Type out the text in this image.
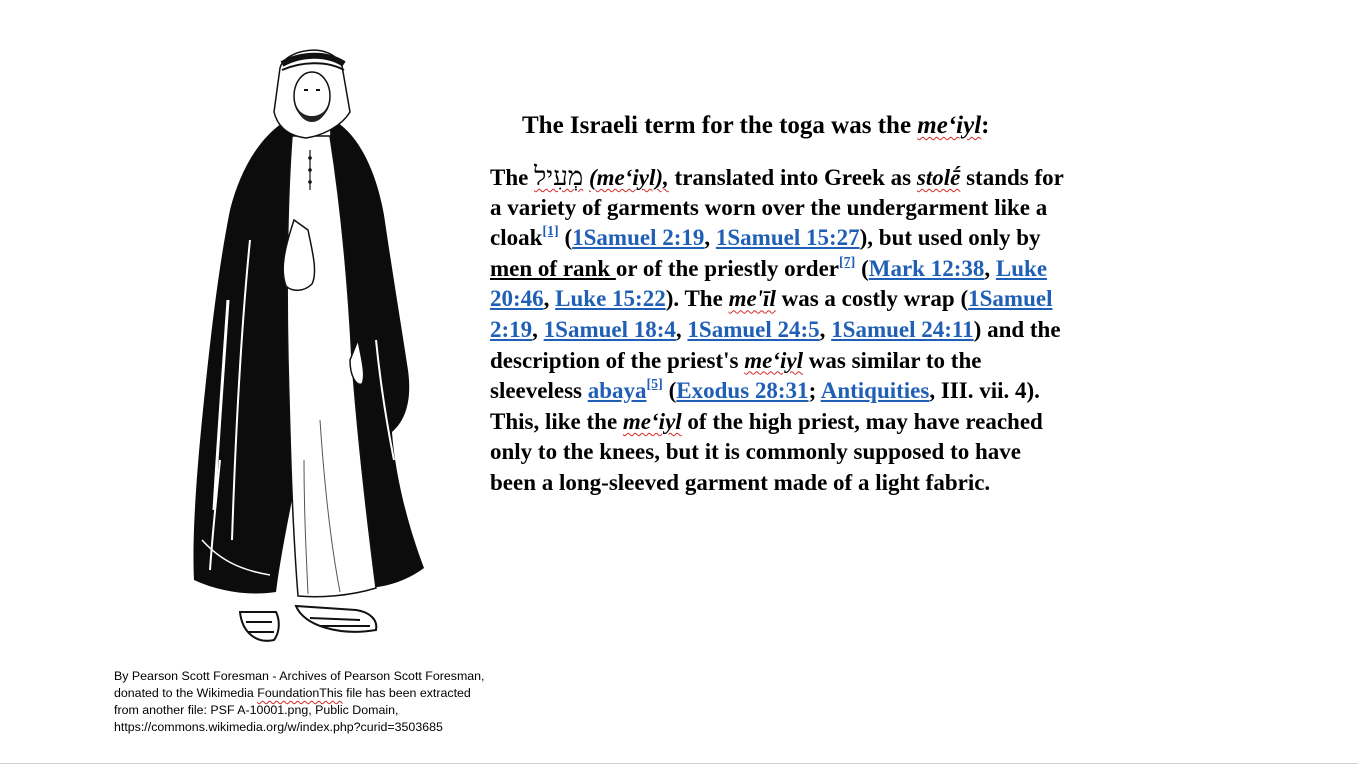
By Pearson Scott Foresman - Archives of Pearson Scott Foresman,
donated to the Wikimedia FoundationThis file has been extracted
from another file: PSF A-10001.png, Public Domain,
https://commons.wikimedia.org/w/index.php?curid=3503685
The Israeli term for the toga was the me‘iyl:
The מְעִיל (me‘iyl), translated into Greek as stolḗ stands for
a variety of garments worn over the undergarment like a
cloak[1] (1Samuel 2:19, 1Samuel 15:27), but used only by
men of rank or of the priestly order[7] (Mark 12:38, Luke
20:46, Luke 15:22). The me'īl was a costly wrap (1Samuel
2:19, 1Samuel 18:4, 1Samuel 24:5, 1Samuel 24:11) and the
description of the priest's me‘iyl was similar to the
sleeveless abaya[5] (Exodus 28:31; Antiquities, III. vii. 4).
This, like the me‘iyl of the high priest, may have reached
only to the knees, but it is commonly supposed to have
been a long-sleeved garment made of a light fabric.
